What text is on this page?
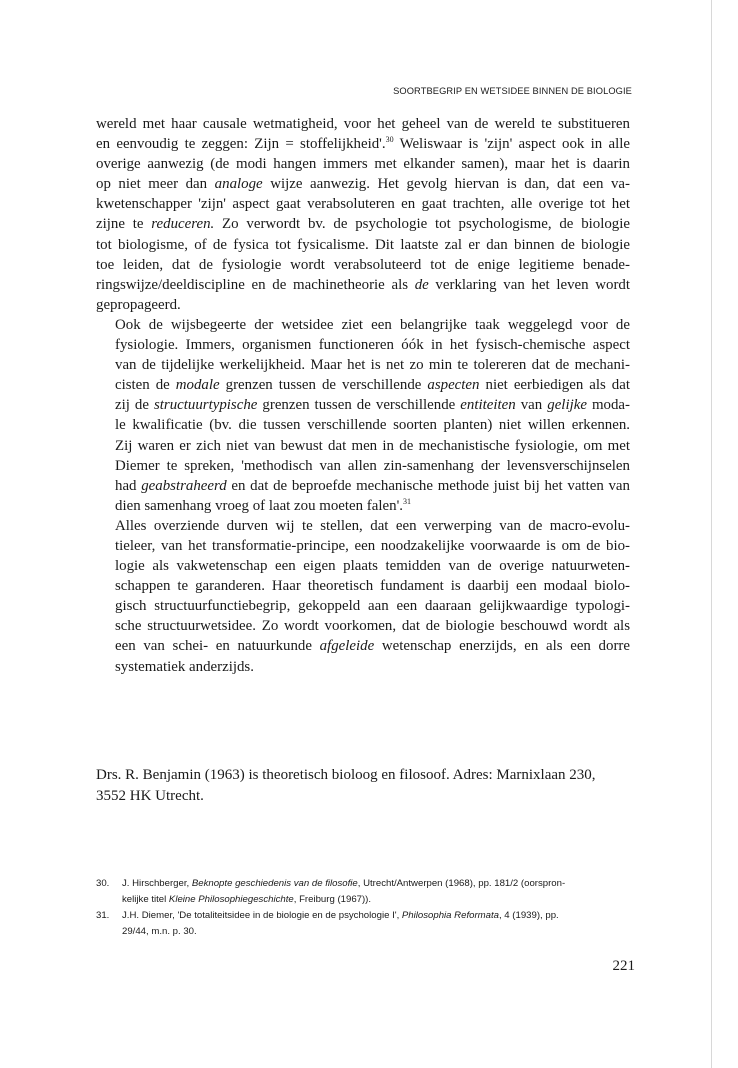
SOORTBEGRIP EN WETSIDEE BINNEN DE BIOLOGIE

wereld met haar causale wetmatigheid, voor het geheel van de wereld te substitueren
en eenvoudig te zeggen: Zijn = stoffelijkheid'.$^{30}$ Weliswaar is 'zijn' aspect ook in alle
overige aanwezig (de modi hangen immers met elkander samen), maar het is daarin
op niet meer dan analoge wijze aanwezig. Het gevolg hiervan is dan, dat een va-
kwetenschapper 'zijn' aspect gaat verabsoluteren en gaat trachten, alle overige tot het
zijne te reduceren. Zo verwordt bv. de psychologie tot psychologisme, de biologie
tot biologisme, of de fysica tot fysicalisme. Dit laatste zal er dan binnen de biologie
toe leiden, dat de fysiologie wordt verabsoluteerd tot de enige legitieme benade-
ringswijze/deeldiscipline en de machinetheorie als de verklaring van het leven wordt
gepropageerd.

Ook de wijsbegeerte der wetsidee ziet een belangrijke taak weggelegd voor de
fysiologie. Immers, organismen functioneren óók in het fysisch-chemische aspect
van de tijdelijke werkelijkheid. Maar het is net zo min te tolereren dat de mechani-
cisten de modale grenzen tussen de verschillende aspecten niet eerbiedigen als dat
zij de structuurtypische grenzen tussen de verschillende entiteiten van gelijke moda-
le kwalificatie (bv. die tussen verschillende soorten planten) niet willen erkennen.
Zij waren er zich niet van bewust dat men in de mechanistische fysiologie, om met
Diemer te spreken, 'methodisch van allen zin-samenhang der levensverschijnselen
had geabstraheerd en dat de beproefde mechanische methode juist bij het vatten van
dien samenhang vroeg of laat zou moeten falen'.$^{31}$

Alles overziende durven wij te stellen, dat een verwerping van de macro-evolu-
tieleer, van het transformatie-principe, een noodzakelijke voorwaarde is om de bio-
logie als vakwetenschap een eigen plaats temidden van de overige natuurweten-
schappen te garanderen. Haar theoretisch fundament is daarbij een modaal biolo-
gisch structuurfunctiebegrip, gekoppeld aan een daaraan gelijkwaardige typologi-
sche structuurwetsidee. Zo wordt voorkomen, dat de biologie beschouwd wordt als
een van schei- en natuurkunde afgeleide wetenschap enerzijds, en als een dorre
systematiek anderzijds.

Drs. R. Benjamin (1963) is theoretisch bioloog en filosoof. Adres: Marnixlaan 230,
3552 HK Utrecht.
30. J. Hirschberger, Beknopte geschiedenis van de filosofie, Utrecht/Antwerpen (1968), pp. 181/2 (oorspron-
kelijke titel Kleine Philosophiegeschichte, Freiburg (1967)).
31. J.H. Diemer, 'De totaliteitsidee in de biologie en de psychologie I', Philosophia Reformata, 4 (1939), pp.
29/44, m.n. p. 30.
221
